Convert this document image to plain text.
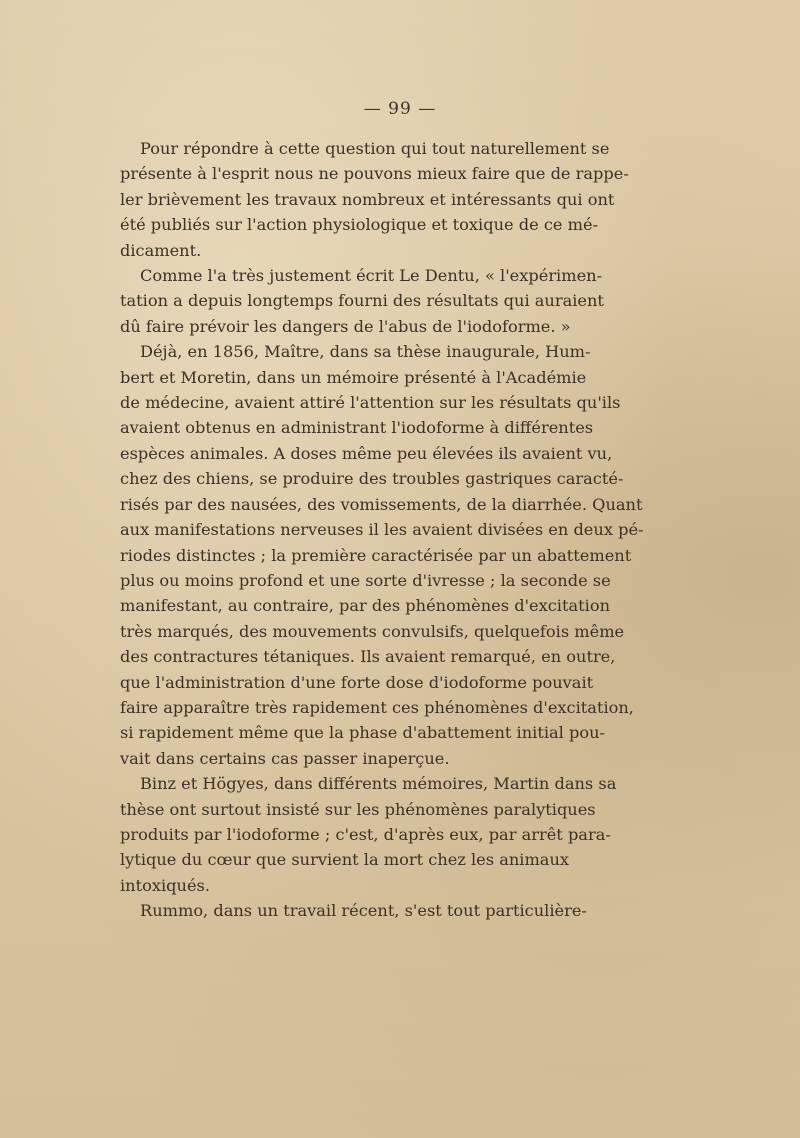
— 99 —

Pour répondre à cette question qui tout naturellement se
présente à l'esprit nous ne pouvons mieux faire que de rappe-
ler brièvement les travaux nombreux et intéressants qui ont
été publiés sur l'action physiologique et toxique de ce mé-
dicament.

Comme l'a très justement écrit Le Dentu, « l'expérimen-
tation a depuis longtemps fourni des résultats qui auraient
dû faire prévoir les dangers de l'abus de l'iodoforme. »

Déjà, en 1856, Maître, dans sa thèse inaugurale, Hum-
bert et Moretin, dans un mémoire présenté à l'Académie
de médecine, avaient attiré l'attention sur les résultats qu'ils
avaient obtenus en administrant l'iodoforme à différentes
espèces animales. A doses même peu élevées ils avaient vu,
chez des chiens, se produire des troubles gastriques caracté-
risés par des nausées, des vomissements, de la diarrhée. Quant
aux manifestations nerveuses il les avaient divisées en deux pé-
riodes distinctes ; la première caractérisée par un abattement
plus ou moins profond et une sorte d'ivresse ; la seconde se
manifestant, au contraire, par des phénomènes d'excitation
très marqués, des mouvements convulsifs, quelquefois même
des contractures tétaniques. Ils avaient remarqué, en outre,
que l'administration d'une forte dose d'iodoforme pouvait
faire apparaître très rapidement ces phénomènes d'excitation,
si rapidement même que la phase d'abattement initial pou-
vait dans certains cas passer inaperçue.

Binz et Högyes, dans différents mémoires, Martin dans sa
thèse ont surtout insisté sur les phénomènes paralytiques
produits par l'iodoforme ; c'est, d'après eux, par arrêt para-
lytique du cœur que survient la mort chez les animaux
intoxiqués.

Rummo, dans un travail récent, s'est tout particulière-
